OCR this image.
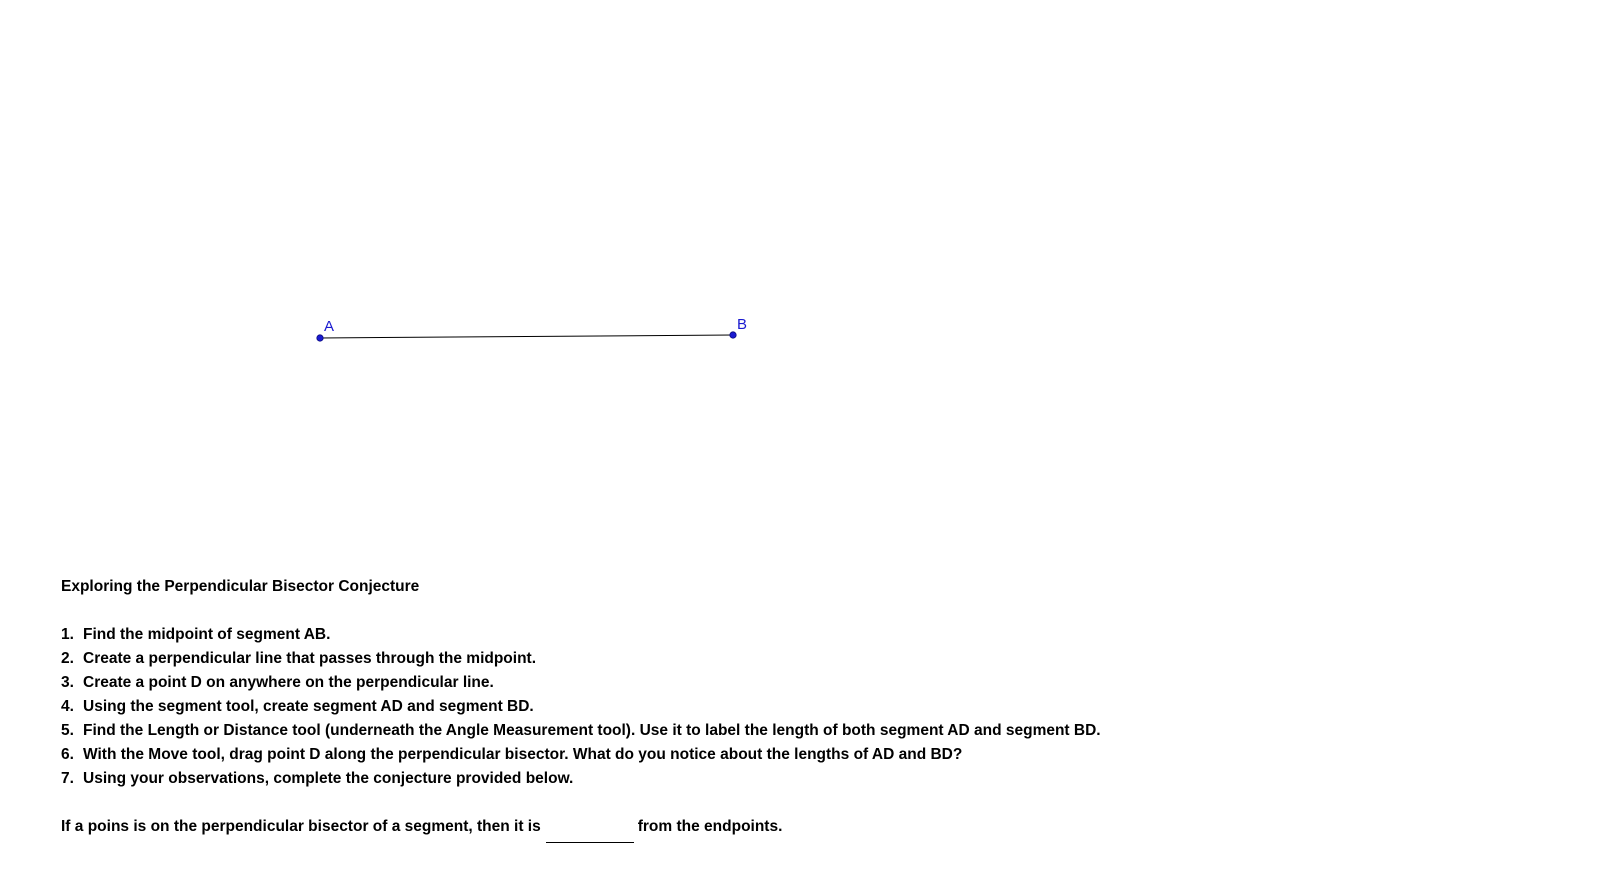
A	B

Exploring the Perpendicular Bisector Conjecture

1. Find the midpoint of segment AB.
2. Create a perpendicular line that passes through the midpoint.
3. Create a point D on anywhere on the perpendicular line.
4. Using the segment tool, create segment AD and segment BD.
5. Find the Length or Distance tool (underneath the Angle Measurement tool). Use it to label the length of both segment AD and segment BD.
6. With the Move tool, drag point D along the perpendicular bisector. What do you notice about the lengths of AD and BD?
7. Using your observations, complete the conjecture provided below.
If a poins is on the perpendicular bisector of a segment, then it is	from the endpoints.
